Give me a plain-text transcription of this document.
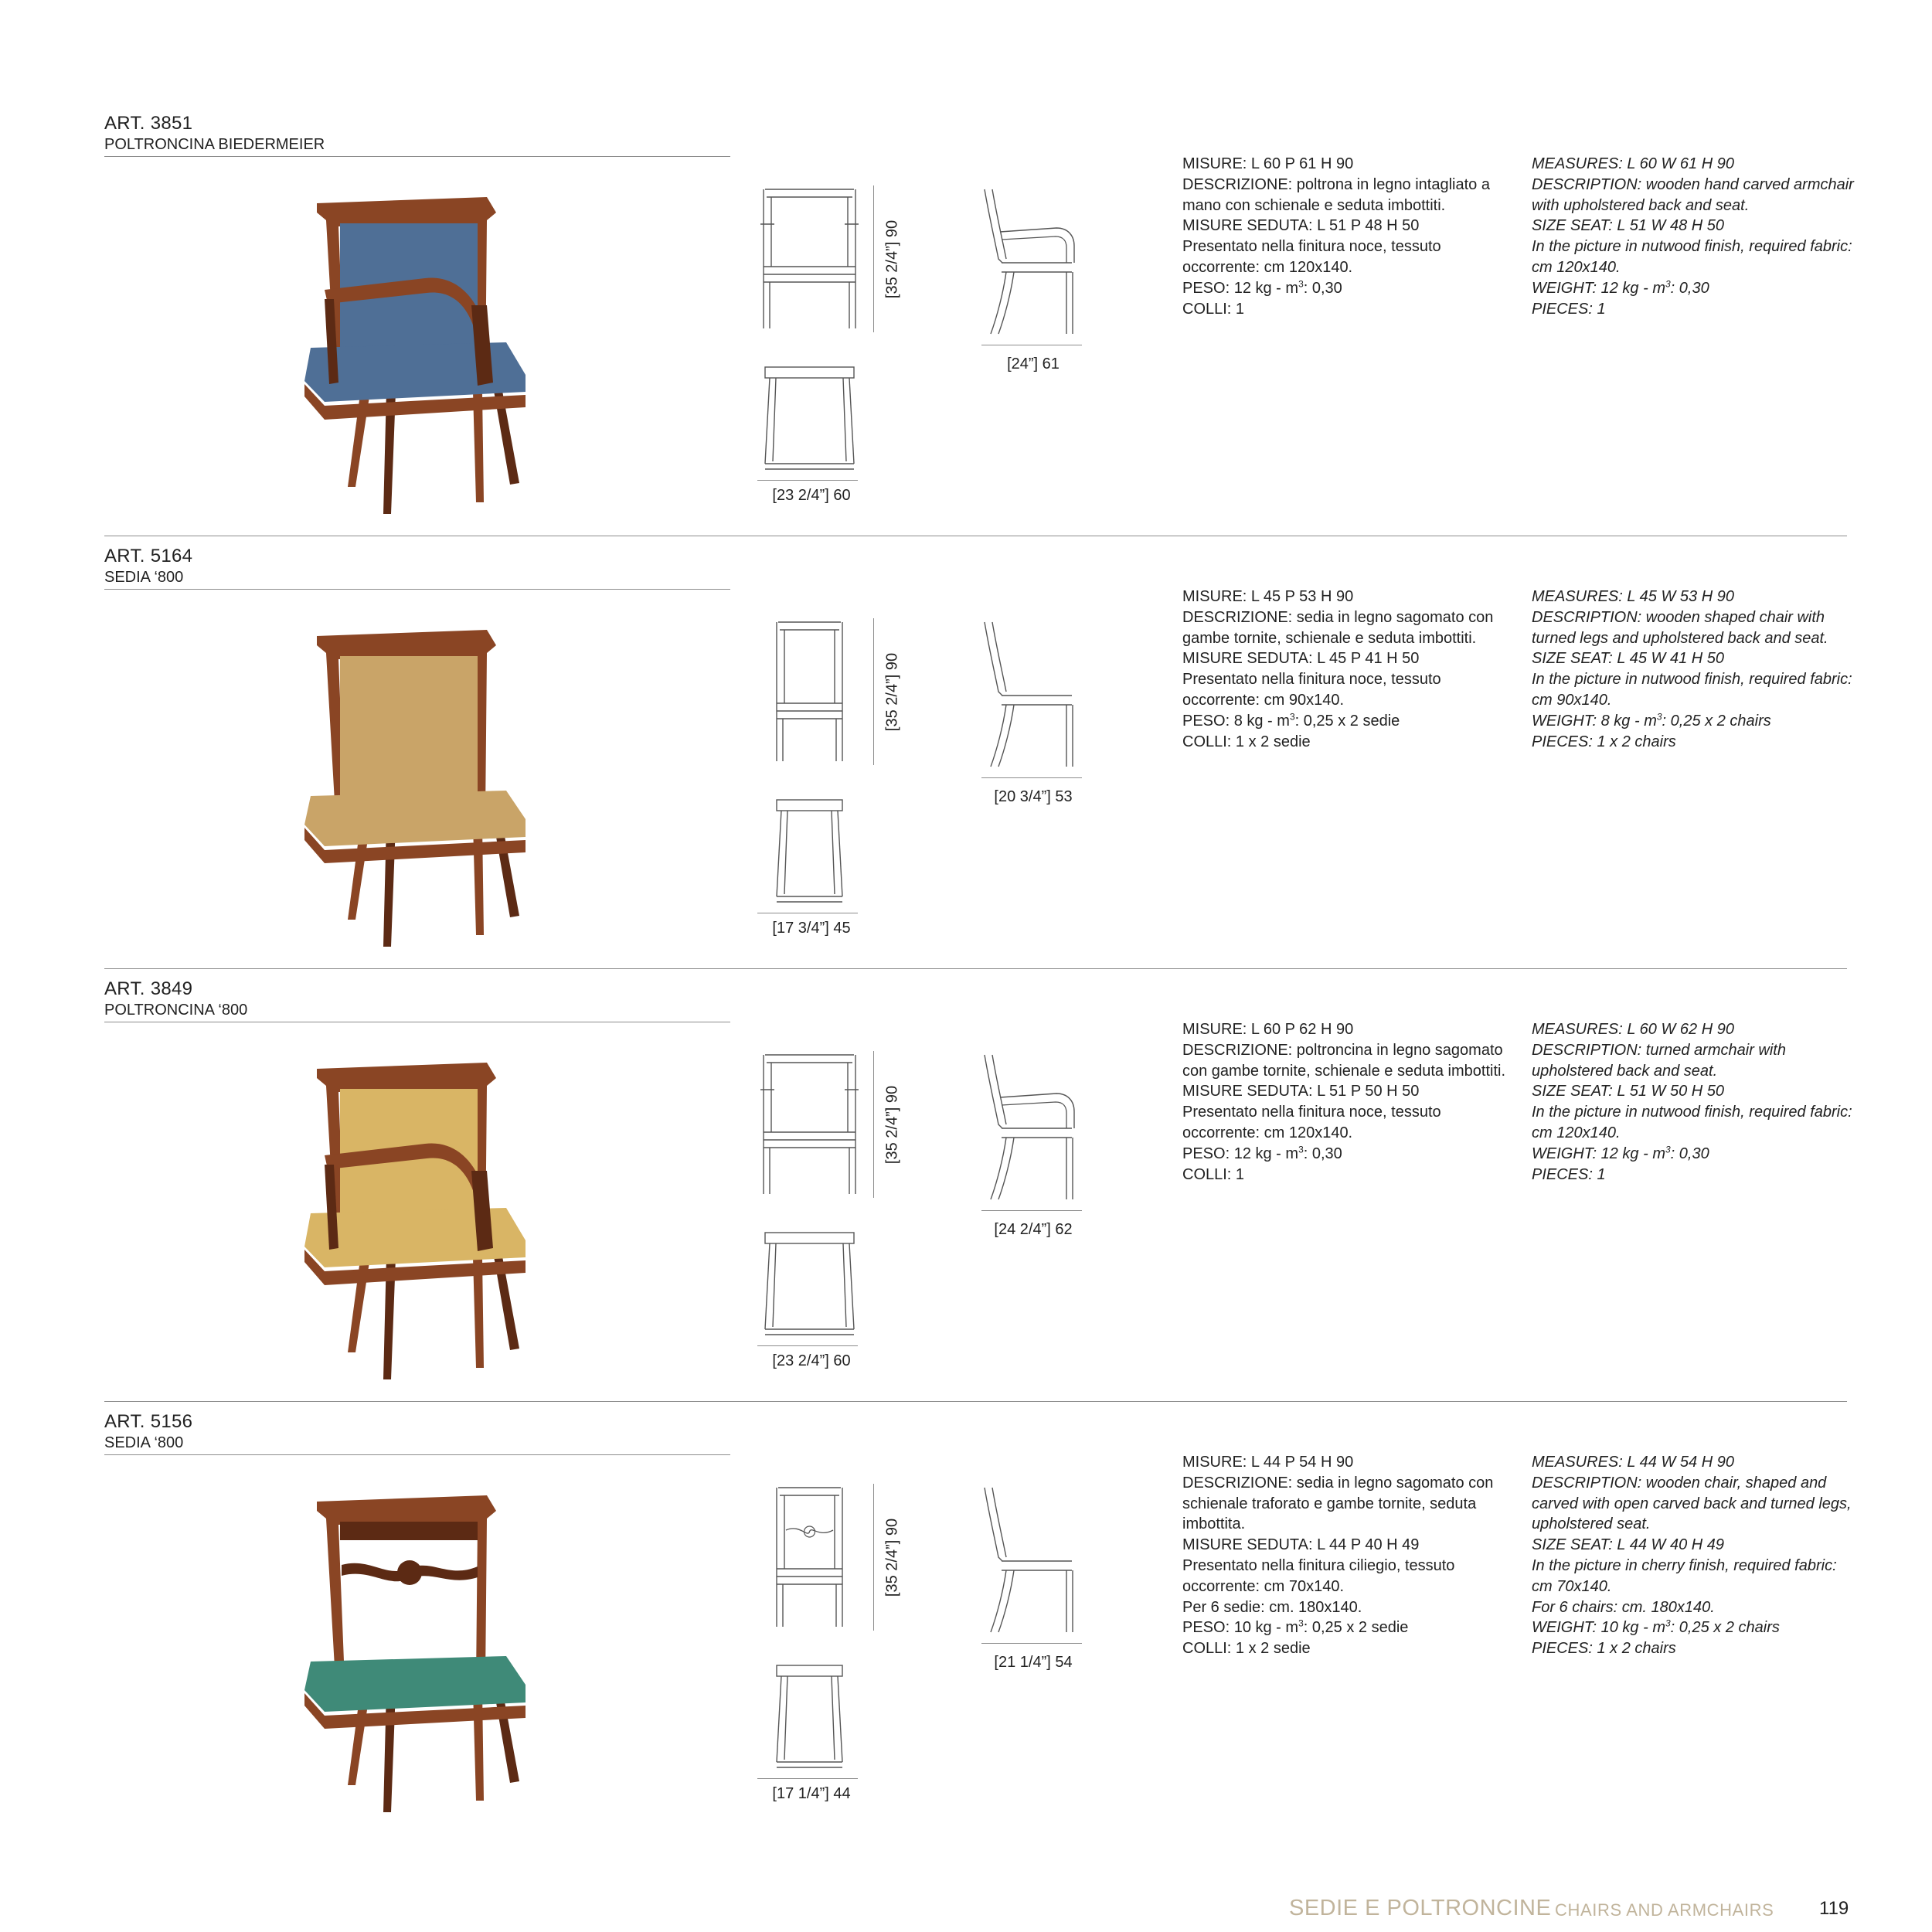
ART. 3851
POLTRONCINA BIEDERMEIER
[35 2/4”] 90
[24”] 61
[23 2/4”] 60

MISURE: L 60 P 61 H 90

DESCRIZIONE: poltrona in legno intagliato a mano con schienale e seduta imbottiti.

MISURE SEDUTA: L 51 P 48 H 50

Presentato nella finitura noce, tessuto occorrente: cm 120x140.

PESO: 12 kg - $m^3$: 0,30

COLLI: 1

MEASURES: L 60 W 61 H 90

DESCRIPTION: wooden hand carved armchair with upholstered back and seat.

SIZE SEAT: L 51 W 48 H 50

In the picture in nutwood finish, required fabric: cm 120x140.

WEIGHT: 12 kg - $m^3$: 0,30

PIECES: 1

ART. 5164
SEDIA ‘800
[35 2/4”] 90
[20 3/4”] 53
[17 3/4”] 45

MISURE: L 45 P 53 H 90

DESCRIZIONE: sedia in legno sagomato con gambe tornite, schienale e seduta imbottiti.

MISURE SEDUTA: L 45 P 41 H 50

Presentato nella finitura noce, tessuto occorrente: cm 90x140.

PESO: 8 kg - $m^3$: 0,25 x 2 sedie

COLLI: 1 x 2 sedie

MEASURES: L 45 W 53 H 90

DESCRIPTION: wooden shaped chair with turned legs and upholstered back and seat.

SIZE SEAT: L 45 W 41 H 50

In the picture in nutwood finish, required fabric: cm 90x140.

WEIGHT: 8 kg - $m^3$: 0,25 x 2 chairs

PIECES: 1 x 2 chairs

ART. 3849
POLTRONCINA ‘800
[35 2/4”] 90
[24 2/4”] 62
[23 2/4”] 60

MISURE: L 60 P 62 H 90

DESCRIZIONE: poltroncina in legno sagomato con gambe tornite, schienale e seduta imbottiti.

MISURE SEDUTA: L 51 P 50 H 50

Presentato nella finitura noce, tessuto occorrente: cm 120x140.

PESO: 12 kg - $m^3$: 0,30

COLLI: 1

MEASURES: L 60 W 62 H 90

DESCRIPTION: turned armchair with upholstered back and seat.

SIZE SEAT: L 51 W 50 H 50

In the picture in nutwood finish, required fabric: cm 120x140.

WEIGHT: 12 kg - $m^3$: 0,30

PIECES: 1

ART. 5156
SEDIA ‘800
[35 2/4”] 90
[21 1/4”] 54
[17 1/4”] 44

MISURE: L 44 P 54 H 90

DESCRIZIONE: sedia in legno sagomato con schienale traforato e gambe tornite, seduta imbottita.

MISURE SEDUTA: L 44 P 40 H 49

Presentato nella finitura ciliegio, tessuto occorrente: cm 70x140.

Per 6 sedie: cm. 180x140.

PESO: 10 kg - $m^3$: 0,25 x 2 sedie

COLLI: 1 x 2 sedie

MEASURES: L 44 W 54 H 90

DESCRIPTION: wooden chair, shaped and carved with open carved back and turned legs, upholstered seat.

SIZE SEAT: L 44 W 40 H 49

In the picture in cherry finish, required fabric: cm 70x140.

For 6 chairs: cm. 180x140.

WEIGHT: 10 kg - $m^3$: 0,25 x 2 chairs

PIECES: 1 x 2 chairs

SEDIE E POLTRONCINE CHAIRS AND ARMCHAIRS 119
